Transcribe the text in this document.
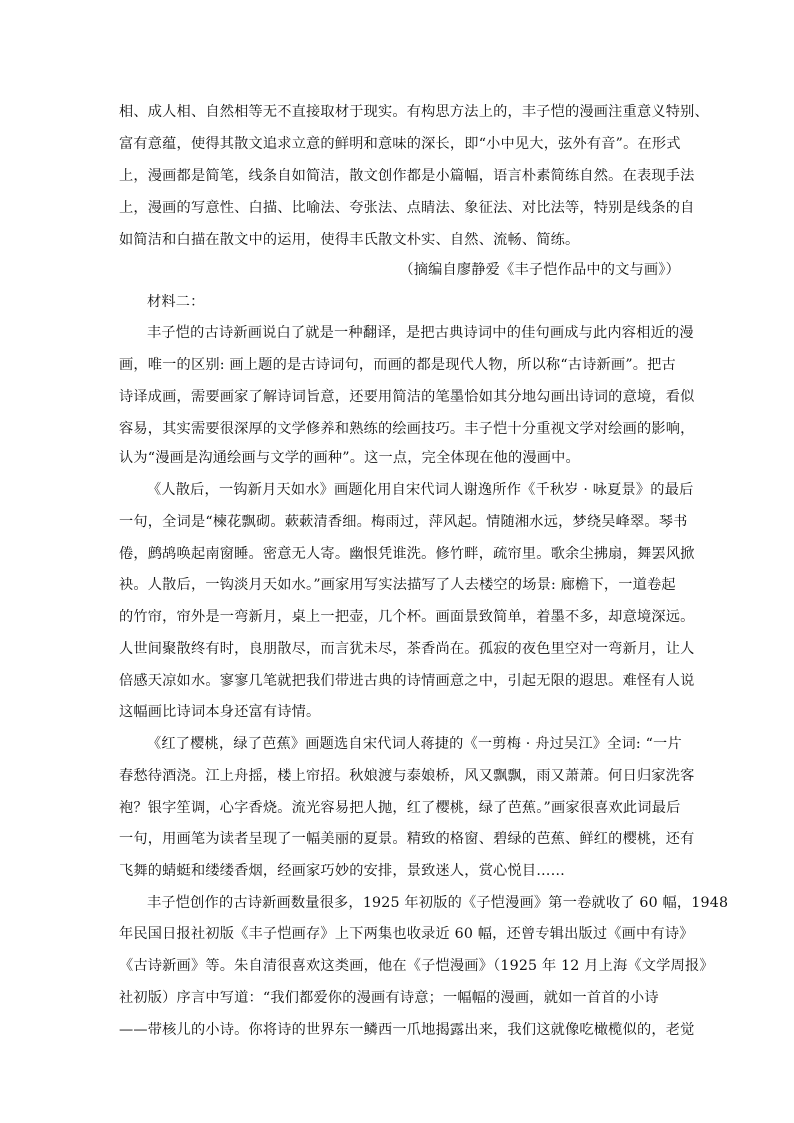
相、成人相、自然相等无不直接取材于现实。有构思方法上的，丰子恺的漫画注重意义特别、
富有意蕴，使得其散文追求立意的鲜明和意味的深长，即“小中见大，弦外有音”。在形式
上，漫画都是简笔，线条自如简洁，散文创作都是小篇幅，语言朴素简练自然。在表现手法
上，漫画的写意性、白描、比喻法、夸张法、点睛法、象征法、对比法等，特别是线条的自
如简洁和白描在散文中的运用，使得丰氏散文朴实、自然、流畅、简练。
（摘编自廖静爱《丰子恺作品中的文与画》）
材料二：
丰子恺的古诗新画说白了就是一种翻译，是把古典诗词中的佳句画成与此内容相近的漫
画，唯一的区别: 画上题的是古诗词句，而画的都是现代人物，所以称“古诗新画”。把古
诗译成画，需要画家了解诗词旨意，还要用简洁的笔墨恰如其分地勾画出诗词的意境，看似
容易，其实需要很深厚的文学修养和熟练的绘画技巧。丰子恺十分重视文学对绘画的影响，
认为“漫画是沟通绘画与文学的画种”。这一点，完全体现在他的漫画中。
《人散后，一钩新月天如水》画题化用自宋代词人谢逸所作《千秋岁 · 咏夏景》的最后
一句，全词是“楝花飘砌。蔌蔌清香细。梅雨过，萍风起。情随湘水远，梦绕吴峰翠。琴书
倦，鹧鸪唤起南窗睡。密意无人寄。幽恨凭谁洗。修竹畔，疏帘里。歌余尘拂扇，舞罢风掀
袂。人散后，一钩淡月天如水。”画家用写实法描写了人去楼空的场景: 廊檐下，一道卷起
的竹帘，帘外是一弯新月，桌上一把壶，几个杯。画面景致简单，着墨不多，却意境深远。
人世间聚散终有时，良朋散尽，而言犹未尽，茶香尚在。孤寂的夜色里空对一弯新月，让人
倍感天凉如水。寥寥几笔就把我们带进古典的诗情画意之中，引起无限的遐思。难怪有人说
这幅画比诗词本身还富有诗情。
《红了樱桃，绿了芭蕉》画题选自宋代词人蒋捷的《一剪梅 · 舟过吴江》全词: “一片
春愁待酒浇。江上舟摇，楼上帘招。秋娘渡与泰娘桥，风又飘飘，雨又萧萧。何日归家洗客
袍？银字笙调，心字香烧。流光容易把人抛，红了樱桃，绿了芭蕉。”画家很喜欢此词最后
一句，用画笔为读者呈现了一幅美丽的夏景。精致的格窗、碧绿的芭蕉、鲜红的樱桃，还有
飞舞的蜻蜓和缕缕香烟，经画家巧妙的安排，景致迷人，赏心悦目……
丰子恺创作的古诗新画数量很多，1925 年初版的《子恺漫画》第一卷就收了 60 幅，1948
年民国日报社初版《丰子恺画存》上下两集也收录近 60 幅，还曾专辑出版过《画中有诗》
《古诗新画》等。朱自清很喜欢这类画，他在《子恺漫画》（1925 年 12 月上海《文学周报》
社初版）序言中写道：“我们都爱你的漫画有诗意；一幅幅的漫画，就如一首首的小诗
——带核儿的小诗。你将诗的世界东一鳞西一爪地揭露出来，我们这就像吃橄榄似的，老觉
